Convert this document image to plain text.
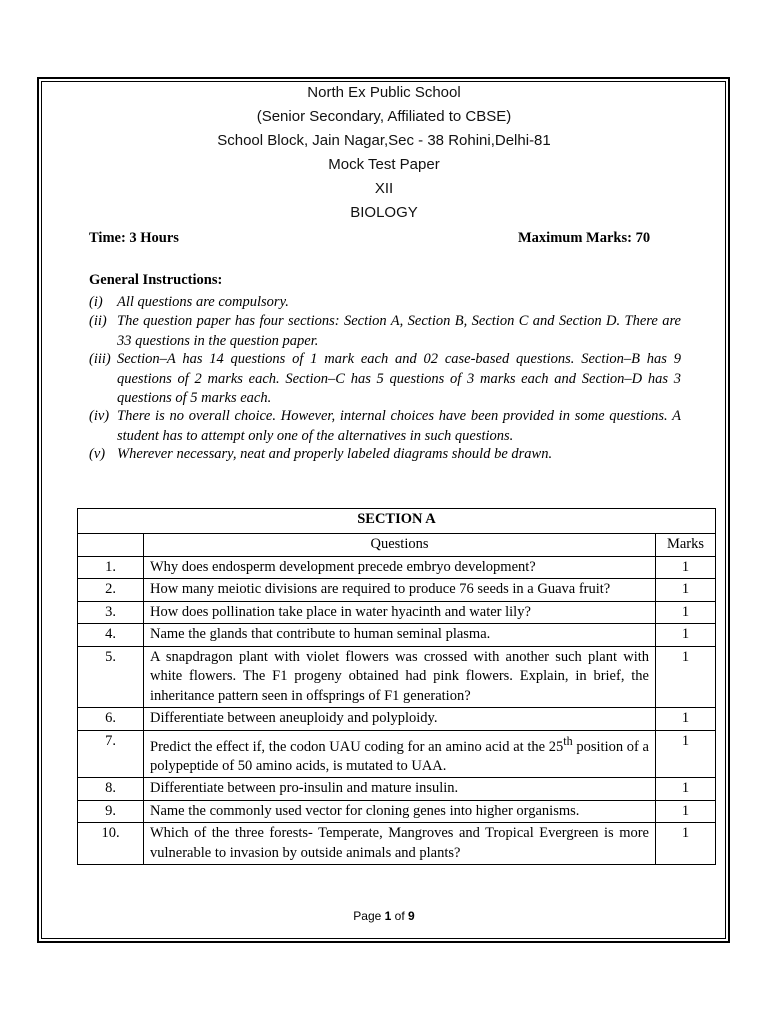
North Ex Public School
(Senior Secondary, Affiliated to CBSE)
School Block, Jain Nagar,Sec - 38 Rohini,Delhi-81
Mock Test Paper
XII
BIOLOGY
Time: 3 Hours	Maximum Marks: 70
General Instructions:
(i) All questions are compulsory.
(ii) The question paper has four sections: Section A, Section B, Section C and Section D. There are 33 questions in the question paper.
(iii) Section–A has 14 questions of 1 mark each and 02 case-based questions. Section–B has 9 questions of 2 marks each. Section–C has 5 questions of 3 marks each and Section–D has 3 questions of 5 marks each.
(iv) There is no overall choice. However, internal choices have been provided in some questions. A student has to attempt only one of the alternatives in such questions.
(v) Wherever necessary, neat and properly labeled diagrams should be drawn.
SECTION A		
	Questions	Marks
1.	Why does endosperm development precede embryo development?	1
2.	How many meiotic divisions are required to produce 76 seeds in a Guava fruit?	1
3.	How does pollination take place in water hyacinth and water lily?	1
4.	Name the glands that contribute to human seminal plasma.	1
5.	A snapdragon plant with violet flowers was crossed with another such plant with white flowers. The F1 progeny obtained had pink flowers. Explain, in brief, the inheritance pattern seen in offsprings of F1 generation?	1
6.	Differentiate between aneuploidy and polyploidy.	1
7.	Predict the effect if, the codon UAU coding for an amino acid at the 25th position of a polypeptide of 50 amino acids, is mutated to UAA.	1
8.	Differentiate between pro-insulin and mature insulin.	1
9.	Name the commonly used vector for cloning genes into higher organisms.	1
10.	Which of the three forests- Temperate, Mangroves and Tropical Evergreen is more vulnerable to invasion by outside animals and plants?	1
Page 1 of 9
